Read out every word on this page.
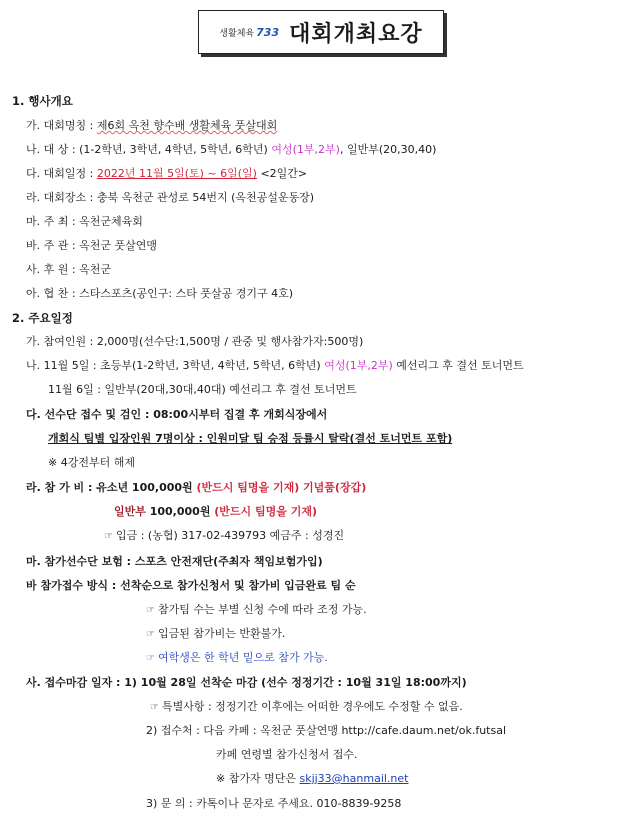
생활체육 733 대회개최요강
1. 행사개요
가. 대회명칭 : 제6회 옥천 향수배 생활체육 풋살대회
나. 대 상 : (1-2학년, 3학년, 4학년, 5학년, 6학년) 여성(1부,2부), 일반부(20,30,40)
다. 대회일정 : 2022년 11월 5일(토) ~ 6일(일) <2일간>
라. 대회장소 : 충북 옥천군 관성로 54번지 (옥천공설운동장)
마. 주 최 : 옥천군체육회
바. 주 관 : 옥천군 풋살연맹
사. 후 원 : 옥천군
아. 협 찬 : 스타스포츠(공인구: 스타 풋살공 경기구 4호)
2. 주요일정
가. 참여인원 : 2,000명(선수단:1,500명 / 관중 및 행사참가자:500명)
나. 11월 5일 : 초등부(1-2학년, 3학년, 4학년, 5학년, 6학년) 여성(1부,2부) 예선리그 후 결선 토너먼트
11월 6일 : 일반부(20대,30대,40대) 예선리그 후 결선 토너먼트
다. 선수단 접수 및 검인 : 08:00시부터 집결 후 개회식장에서
개회식 팀별 입장인원 7명이상 : 인원미달 팀 승점 등률시 탈락(결선 토너먼트 포함)
※ 4강전부터 해제
라. 참 가 비 : 유소년 100,000원 (반드시 팀명을 기재) 기념품(장갑)
일반부 100,000원 (반드시 팀명을 기재)
☞ 입금 : (농협) 317-02-439793 예금주 : 성경진
마. 참가선수단 보험 : 스포츠 안전재단(주최자 책임보험가입)
바 참가접수 방식 : 선착순으로 참가신청서 및 참가비 입금완료 팀 순
☞ 참가팀 수는 부별 신청 수에 따라 조정 가능.
☞ 입금된 참가비는 반환불가.
☞ 여학생은 한 학년 밑으로 참가 가능.
사. 접수마감 일자 : 1) 10월 28일 선착순 마감 (선수 정정기간 : 10월 31일 18:00까지)
☞ 특별사항 : 정정기간 이후에는 어떠한 경우에도 수정할 수 없음.
2) 접수처 : 다음 카페 : 옥천군 풋살연맹 http://cafe.daum.net/ok.futsal
카페 연령별 참가신청서 접수.
※ 참가자 명단은 skjj33@hanmail.net
3) 문 의 : 카톡이나 문자로 주세요. 010-8839-9258
